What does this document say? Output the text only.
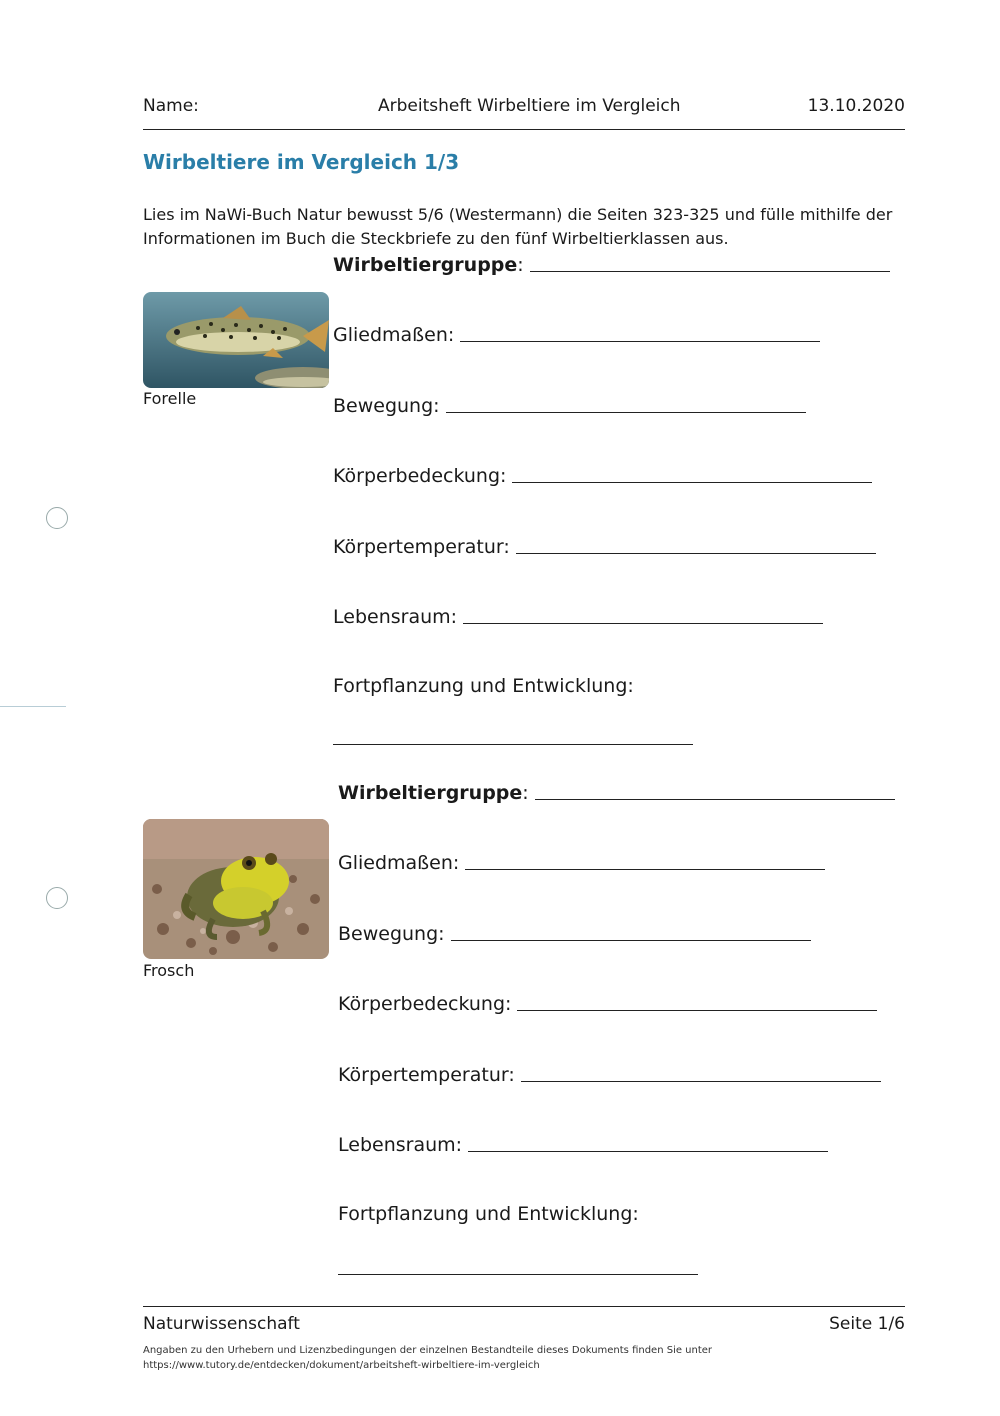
Name:	Arbeitsheft Wirbeltiere im Vergleich	13.10.2020
Wirbeltiere im Vergleich 1/3
Lies im NaWi-Buch Natur bewusst 5/6 (Westermann) die Seiten 323-325 und fülle mithilfe der Informationen im Buch die Steckbriefe zu den fünf Wirbeltierklassen aus.
Forelle
Wirbeltiergruppe :
Gliedmaßen:
Bewegung:
Körperbedeckung:
Körpertemperatur:
Lebensraum:
Fortpflanzung und Entwicklung:
Frosch
Wirbeltiergruppe :
Gliedmaßen:
Bewegung:
Körperbedeckung:
Körpertemperatur:
Lebensraum:
Fortpflanzung und Entwicklung:
Naturwissenschaft	Seite 1/6
Angaben zu den Urhebern und Lizenzbedingungen der einzelnen Bestandteile dieses Dokuments finden Sie unter
https://www.tutory.de/entdecken/dokument/arbeitsheft-wirbeltiere-im-vergleich
